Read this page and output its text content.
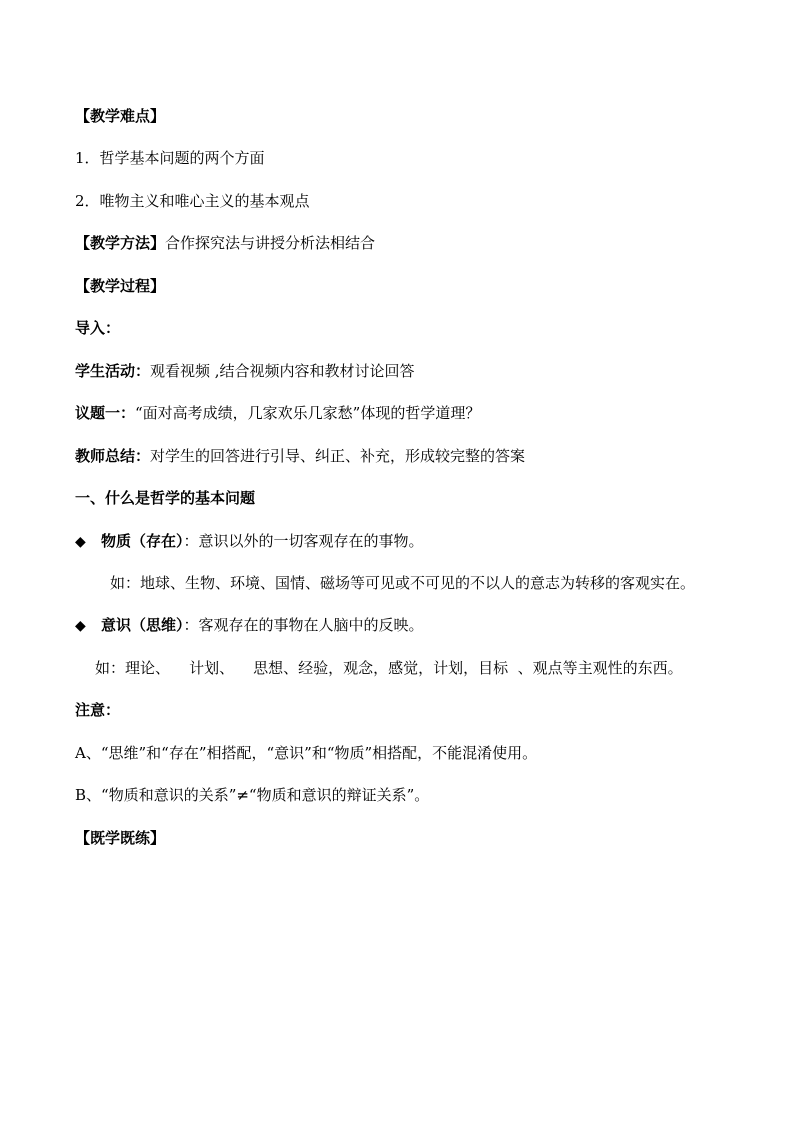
【教学难点】
1．哲学基本问题的两个方面
2．唯物主义和唯心主义的基本观点
【教学方法】合作探究法与讲授分析法相结合
【教学过程】
导入：
学生活动：观看视频 ,结合视频内容和教材讨论回答
议题一：“面对高考成绩，几家欢乐几家愁”体现的哲学道理？
教师总结：对学生的回答进行引导、纠正、补充，形成较完整的答案
一、什么是哲学的基本问题
◆ 物质（存在）：意识以外的一切客观存在的事物。
如：地球、生物、环境、国情、磁场等可见或不可见的不以人的意志为转移的客观实在。
◆ 意识（思维）：客观存在的事物在人脑中的反映。
如：理论、    计划、    思想、经验，观念，感觉，计划，目标  、观点等主观性的东西。
注意：
A、“思维”和“存在”相搭配，“意识”和“物质”相搭配，不能混淆使用。
B、“物质和意识的关系”≠“物质和意识的辩证关系”。
【既学既练】
